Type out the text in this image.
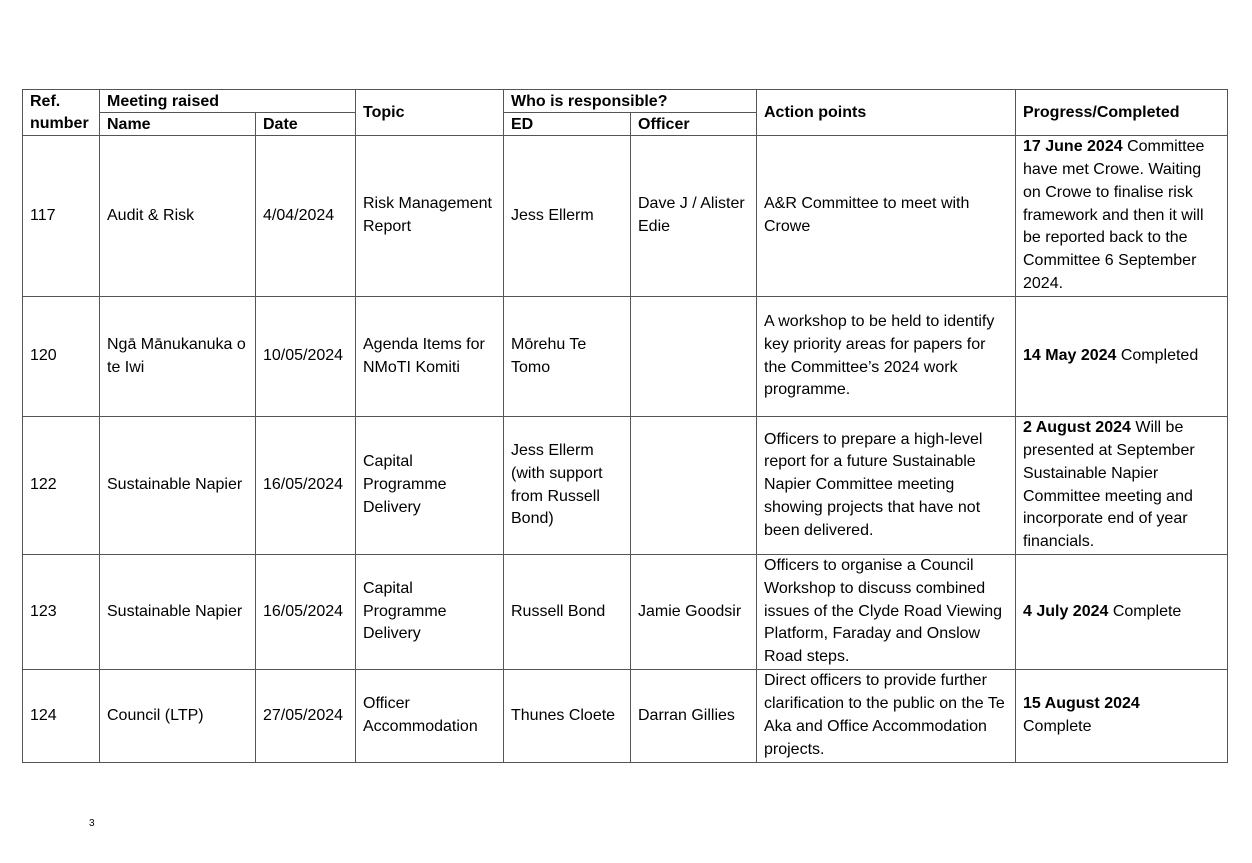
Ref.
number	Meeting raised		Topic	Who is responsible?		Action points	Progress/Completed
	Name	Date		ED	Officer		
117	Audit & Risk	4/04/2024	Risk Management Report	Jess Ellerm	Dave J / Alister Edie	A&R Committee to meet with Crowe	17 June 2024 Committee have met Crowe. Waiting on Crowe to finalise risk framework and then it will be reported back to the Committee 6 September 2024.
120	Ngā Mānukanuka o te Iwi	10/05/2024	Agenda Items for NMoTI Komiti	Mōrehu Te Tomo		A workshop to be held to identify key priority areas for papers for the Committee’s 2024 work programme.	14 May 2024 Completed
122	Sustainable Napier	16/05/2024	Capital Programme Delivery	Jess Ellerm (with support from Russell Bond)		Officers to prepare a high-level report for a future Sustainable Napier Committee meeting showing projects that have not been delivered.	2 August 2024 Will be presented at September Sustainable Napier Committee meeting and incorporate end of year financials.
123	Sustainable Napier	16/05/2024	Capital Programme Delivery	Russell Bond	Jamie Goodsir	Officers to organise a Council Workshop to discuss combined issues of the Clyde Road Viewing Platform, Faraday and Onslow Road steps.	4 July 2024 Complete
124	Council (LTP)	27/05/2024	Officer Accommodation	Thunes Cloete	Darran Gillies	Direct officers to provide further clarification to the public on the Te Aka and Office Accommodation projects.	15 August 2024
Complete
3
